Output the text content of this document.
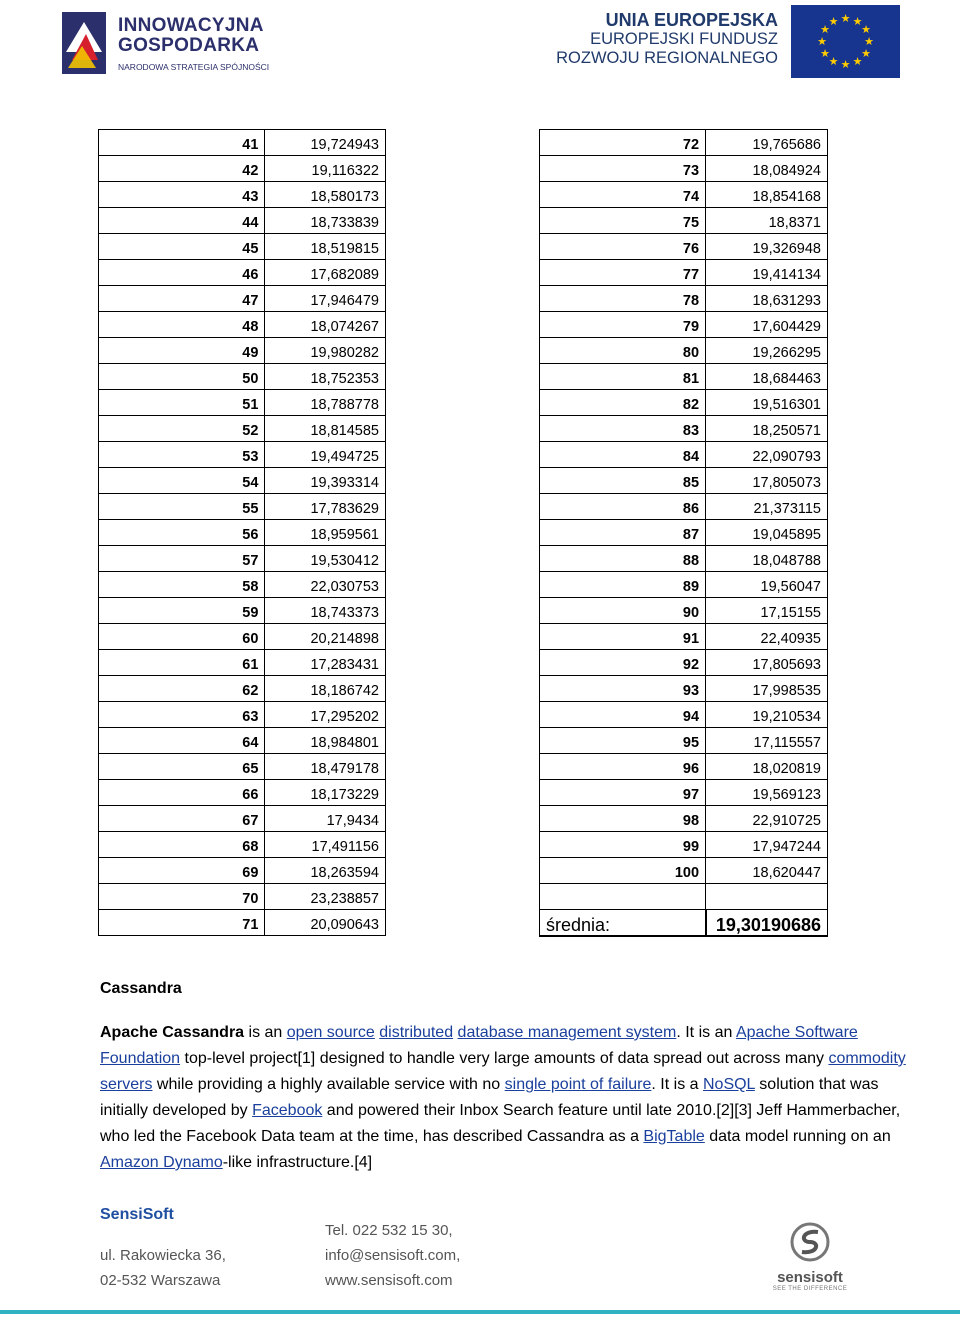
INNOWACYJNA
GOSPODARKA
NARODOWA STRATEGIA SPÓJNOŚCI
UNIA EUROPEJSKA
EUROPEJSKI FUNDUSZ
ROZWOJU REGIONALNEGO
★ ★
★
★
★
★
★
★
★
★
★
★
41	19,724943
42	19,116322
43	18,580173
44	18,733839
45	18,519815
46	17,682089
47	17,946479
48	18,074267
49	19,980282
50	18,752353
51	18,788778
52	18,814585
53	19,494725
54	19,393314
55	17,783629
56	18,959561
57	19,530412
58	22,030753
59	18,743373
60	20,214898
61	17,283431
62	18,186742
63	17,295202
64	18,984801
65	18,479178
66	18,173229
67	17,9434
68	17,491156
69	18,263594
70	23,238857
71	20,090643
72	19,765686
73	18,084924
74	18,854168
75	18,8371
76	19,326948
77	19,414134
78	18,631293
79	17,604429
80	19,266295
81	18,684463
82	19,516301
83	18,250571
84	22,090793
85	17,805073
86	21,373115
87	19,045895
88	18,048788
89	19,56047
90	17,15155
91	22,40935
92	17,805693
93	17,998535
94	19,210534
95	17,115557
96	18,020819
97	19,569123
98	22,910725
99	17,947244
100	18,620447

średnia:	19,30190686
Cassandra
Apache Cassandra is an open source distributed database management system. It is an Apache Software Foundation top-level project[1] designed to handle very large amounts of data spread out across many commodity servers while providing a highly available service with no single point of failure. It is a NoSQL solution that was initially developed by Facebook and powered their Inbox Search feature until late 2010.[2][3] Jeff Hammerbacher, who led the Facebook Data team at the time, has described Cassandra as a BigTable data model running on an Amazon Dynamo-like infrastructure.[4]
SensiSoft
ul. Rakowiecka 36,
02-532 Warszawa
Tel. 022 532 15 30,
info@sensisoft.com,
www.sensisoft.com	sensisoft
SEE THE DIFFERENCE
